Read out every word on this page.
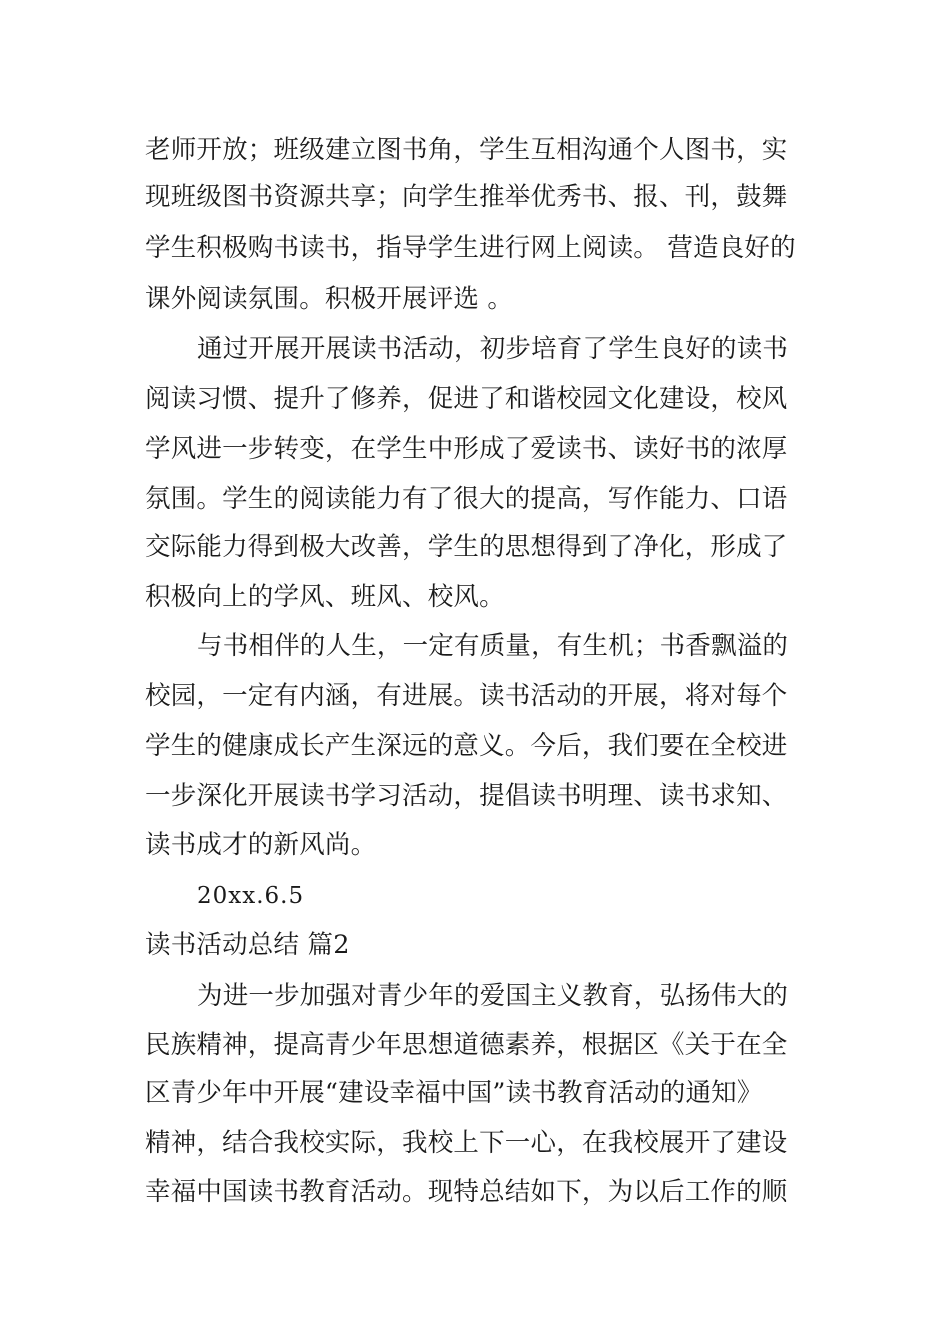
老师开放；班级建立图书角，学生互相沟通个人图书，实
现班级图书资源共享；向学生推举优秀书、报、刊，鼓舞
学生积极购书读书，指导学生进行网上阅读。 营造良好的
课外阅读氛围。积极开展评选 。
通过开展开展读书活动，初步培育了学生良好的读书
阅读习惯、提升了修养，促进了和谐校园文化建设，校风
学风进一步转变，在学生中形成了爱读书、读好书的浓厚
氛围。学生的阅读能力有了很大的提高，写作能力、口语
交际能力得到极大改善，学生的思想得到了净化，形成了
积极向上的学风、班风、校风。
与书相伴的人生，一定有质量，有生机；书香飘溢的
校园，一定有内涵，有进展。读书活动的开展，将对每个
学生的健康成长产生深远的意义。今后，我们要在全校进
一步深化开展读书学习活动，提倡读书明理、读书求知、
读书成才的新风尚。
20xx.6.5
读书活动总结 篇2
为进一步加强对青少年的爱国主义教育，弘扬伟大的
民族精神，提高青少年思想道德素养，根据区《关于在全
区青少年中开展“建设幸福中国”读书教育活动的通知》
精神，结合我校实际，我校上下一心，在我校展开了建设
幸福中国读书教育活动。现特总结如下，为以后工作的顺
